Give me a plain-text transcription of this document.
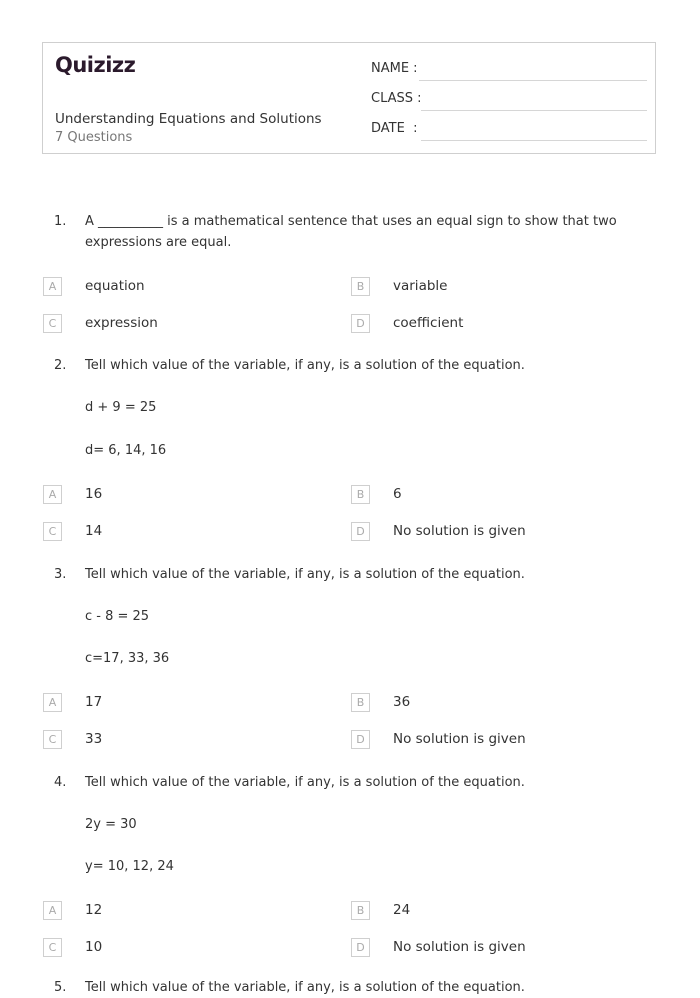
Quizizz
Understanding Equations and Solutions
7 Questions
NAME :
CLASS :
DATE  :
1. A __________ is a mathematical sentence that uses an equal sign to show that two expressions are equal.
A	equation	B	variable
C	expression	D	coefficient
2. Tell which value of the variable, if any, is a solution of the equation.
d + 9 = 25
d= 6, 14, 16
A	16	B	6
C	14	D	No solution is given
3. Tell which value of the variable, if any, is a solution of the equation.
c - 8 = 25
c=17, 33, 36
A	17	B	36
C	33	D	No solution is given
4. Tell which value of the variable, if any, is a solution of the equation.
2y = 30
y= 10, 12, 24
A	12	B	24
C	10	D	No solution is given
5. Tell which value of the variable, if any, is a solution of the equation.
